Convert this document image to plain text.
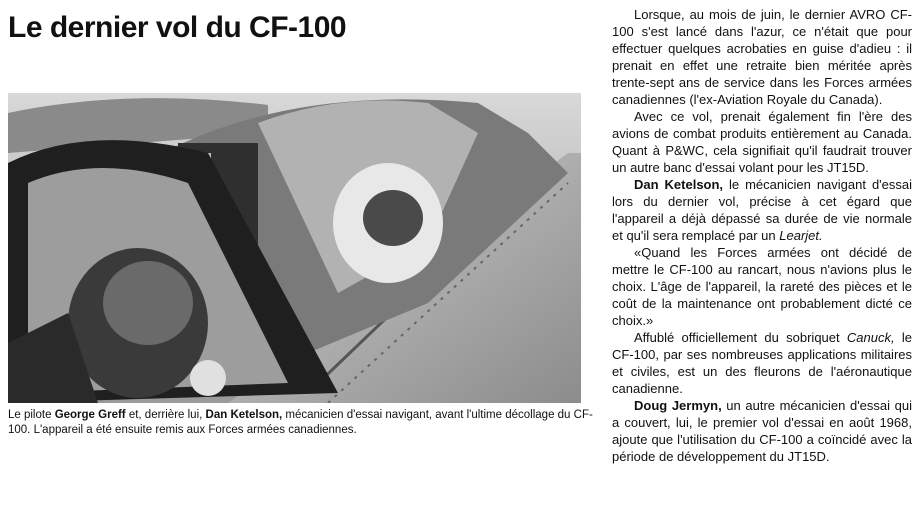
Le dernier vol du CF-100
Le pilote George Greff et, derrière lui, Dan Ketelson, mécanicien d'essai navigant, avant l'ultime décollage du CF-100. L'appareil a été ensuite remis aux Forces armées canadiennes.

Lorsque, au mois de juin, le dernier AVRO CF-100 s'est lancé dans l'azur, ce n'était que pour effectuer quelques acrobaties en guise d'adieu : il prenait en effet une retraite bien méritée après trente-sept ans de service dans les Forces armées canadiennes (l'ex-Aviation Royale du Canada).

Avec ce vol, prenait également fin l'ère des avions de combat produits entièrement au Canada. Quant à P&WC, cela signifiait qu'il faudrait trouver un autre banc d'essai volant pour les JT15D.

Dan Ketelson, le mécanicien navigant d'essai lors du dernier vol, précise à cet égard que l'appareil a déjà dépassé sa durée de vie normale et qu'il sera remplacé par un Learjet.

«Quand les Forces armées ont décidé de mettre le CF-100 au rancart, nous n'avions plus le choix. L'âge de l'appareil, la rareté des pièces et le coût de la maintenance ont probablement dicté ce choix.»

Affublé officiellement du sobriquet Canuck, le CF-100, par ses nombreuses applications militaires et civiles, est un des fleurons de l'aéronautique canadienne.

Doug Jermyn, un autre mécanicien d'essai qui a couvert, lui, le premier vol d'essai en août 1968, ajoute que l'utilisation du CF-100 a coïncidé avec la période de développement du JT15D.
